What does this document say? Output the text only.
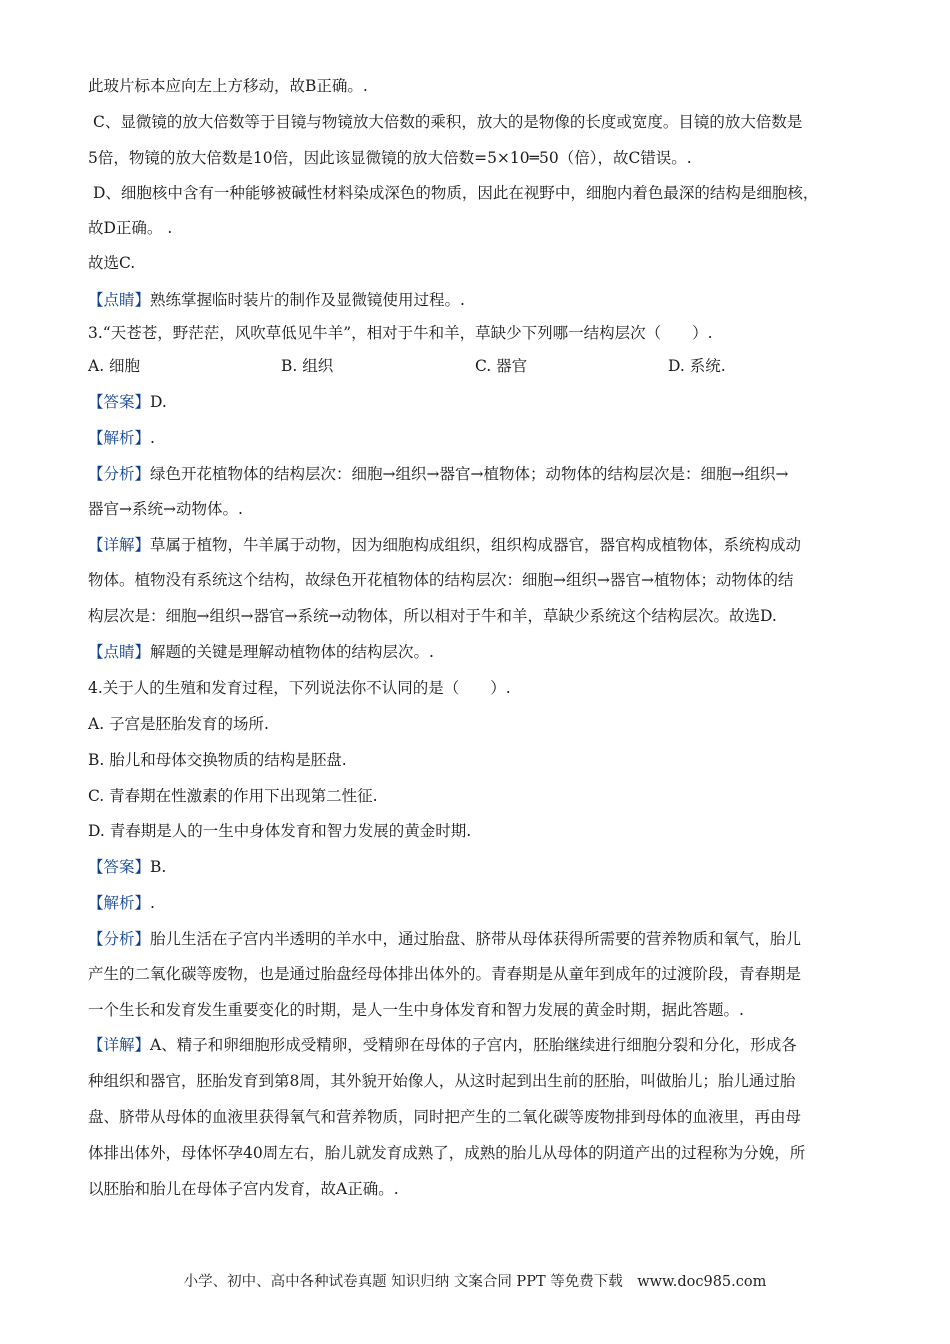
此玻片标本应向左上方移动，故B正确。.
C、显微镜的放大倍数等于目镜与物镜放大倍数的乘积，放大的是物像的长度或宽度。目镜的放大倍数是
5倍，物镜的放大倍数是10倍，因此该显微镜的放大倍数=5×10═50（倍），故C错误。.
D、细胞核中含有一种能够被碱性材料染成深色的物质，因此在视野中，细胞内着色最深的结构是细胞核，
故D正确。 .
故选C.
【点睛】熟练掌握临时装片的制作及显微镜使用过程。.
3.“天苍苍，野茫茫，风吹草低见牛羊”，相对于牛和羊，草缺少下列哪一结构层次（　　）.
【答案】D.
【解析】.
【分析】绿色开花植物体的结构层次：细胞→组织→器官→植物体；动物体的结构层次是：细胞→组织→
器官→系统→动物体。.
【详解】草属于植物，牛羊属于动物，因为细胞构成组织，组织构成器官，器官构成植物体，系统构成动
物体。植物没有系统这个结构，故绿色开花植物体的结构层次：细胞→组织→器官→植物体；动物体的结
构层次是：细胞→组织→器官→系统→动物体，所以相对于牛和羊，草缺少系统这个结构层次。故选D.
【点睛】解题的关键是理解动植物体的结构层次。.
4.关于人的生殖和发育过程，下列说法你不认同的是（　　）.
A. 子宫是胚胎发育的场所.
B. 胎儿和母体交换物质的结构是胚盘.
C. 青春期在性激素的作用下出现第二性征.
D. 青春期是人的一生中身体发育和智力发展的黄金时期.
【答案】B.
【解析】.
【分析】胎儿生活在子宫内半透明的羊水中，通过胎盘、脐带从母体获得所需要的营养物质和氧气，胎儿
产生的二氧化碳等废物，也是通过胎盘经母体排出体外的。青春期是从童年到成年的过渡阶段，青春期是
一个生长和发育发生重要变化的时期，是人一生中身体发育和智力发展的黄金时期，据此答题。.
【详解】A、精子和卵细胞形成受精卵，受精卵在母体的子宫内，胚胎继续进行细胞分裂和分化，形成各
种组织和器官，胚胎发育到第8周，其外貌开始像人，从这时起到出生前的胚胎，叫做胎儿；胎儿通过胎
盘、脐带从母体的血液里获得氧气和营养物质，同时把产生的二氧化碳等废物排到母体的血液里，再由母
体排出体外，母体怀孕40周左右，胎儿就发育成熟了，成熟的胎儿从母体的阴道产出的过程称为分娩，所
以胚胎和胎儿在母体子宫内发育，故A正确。.
A. 细胞	B. 组织	C. 器官	D. 系统.
小学、初中、高中各种试卷真题 知识归纳 文案合同 PPT 等免费下载　www.doc985.com
